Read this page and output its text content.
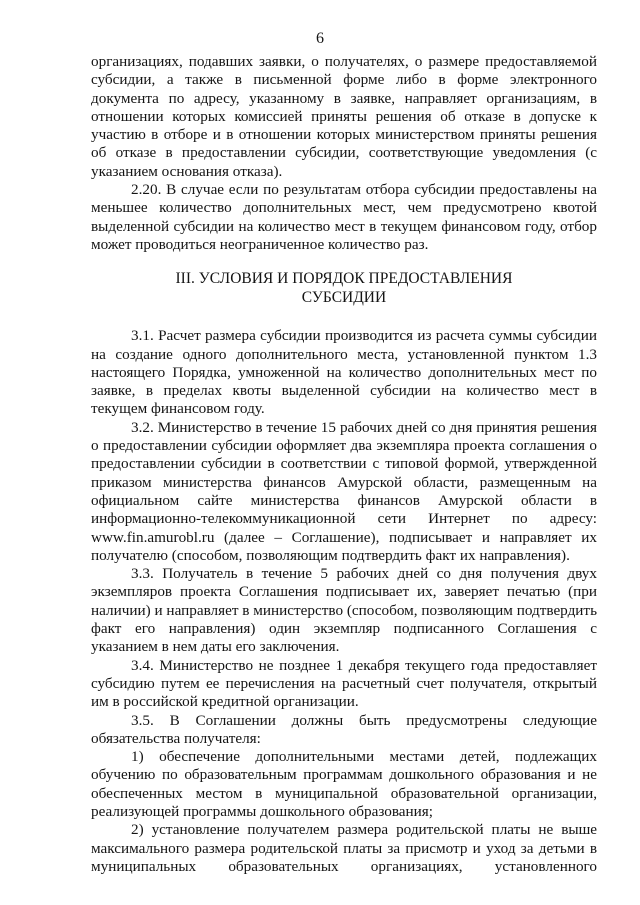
6

организациях, подавших заявки, о получателях, о размере предоставляемой субсидии, а также в письменной форме либо в форме электронного документа по адресу, указанному в заявке, направляет организациям, в отношении которых комиссией приняты решения об отказе в допуске к участию в отборе и в отношении которых министерством приняты решения об отказе в предоставлении субсидии, соответствующие уведомления (с указанием основания отказа).

2.20. В случае если по результатам отбора субсидии предоставлены на меньшее количество дополнительных мест, чем предусмотрено квотой выделенной субсидии на количество мест в текущем финансовом году, отбор может проводиться неограниченное количество раз.

III. УСЛОВИЯ И ПОРЯДОК ПРЕДОСТАВЛЕНИЯ
СУБСИДИИ

3.1. Расчет размера субсидии производится из расчета суммы субсидии на создание одного дополнительного места, установленной пунктом 1.3 настоящего Порядка, умноженной на количество дополнительных мест по заявке, в пределах квоты выделенной субсидии на количество мест в текущем финансовом году.

3.2. Министерство в течение 15 рабочих дней со дня принятия решения о предоставлении субсидии оформляет два экземпляра проекта соглашения о предоставлении субсидии в соответствии с типовой формой, утвержденной приказом министерства финансов Амурской области, размещенным на официальном сайте министерства финансов Амурской области в информационно-телекоммуникационной сети Интернет по адресу: www.fin.amurobl.ru (далее – Соглашение), подписывает и направляет их получателю (способом, позволяющим подтвердить факт их направления).

3.3. Получатель в течение 5 рабочих дней со дня получения двух экземпляров проекта Соглашения подписывает их, заверяет печатью (при наличии) и направляет в министерство (способом, позволяющим подтвердить факт его направления) один экземпляр подписанного Соглашения с указанием в нем даты его заключения.

3.4. Министерство не позднее 1 декабря текущего года предоставляет субсидию путем ее перечисления на расчетный счет получателя, открытый им в российской кредитной организации.

3.5. В Соглашении должны быть предусмотрены следующие обязательства получателя:

1) обеспечение дополнительными местами детей, подлежащих обучению по образовательным программам дошкольного образования и не обеспеченных местом в муниципальной образовательной организации, реализующей программы дошкольного образования;

2) установление получателем размера родительской платы не выше максимального размера родительской платы за присмотр и уход за детьми в муниципальных образовательных организациях, установленного
